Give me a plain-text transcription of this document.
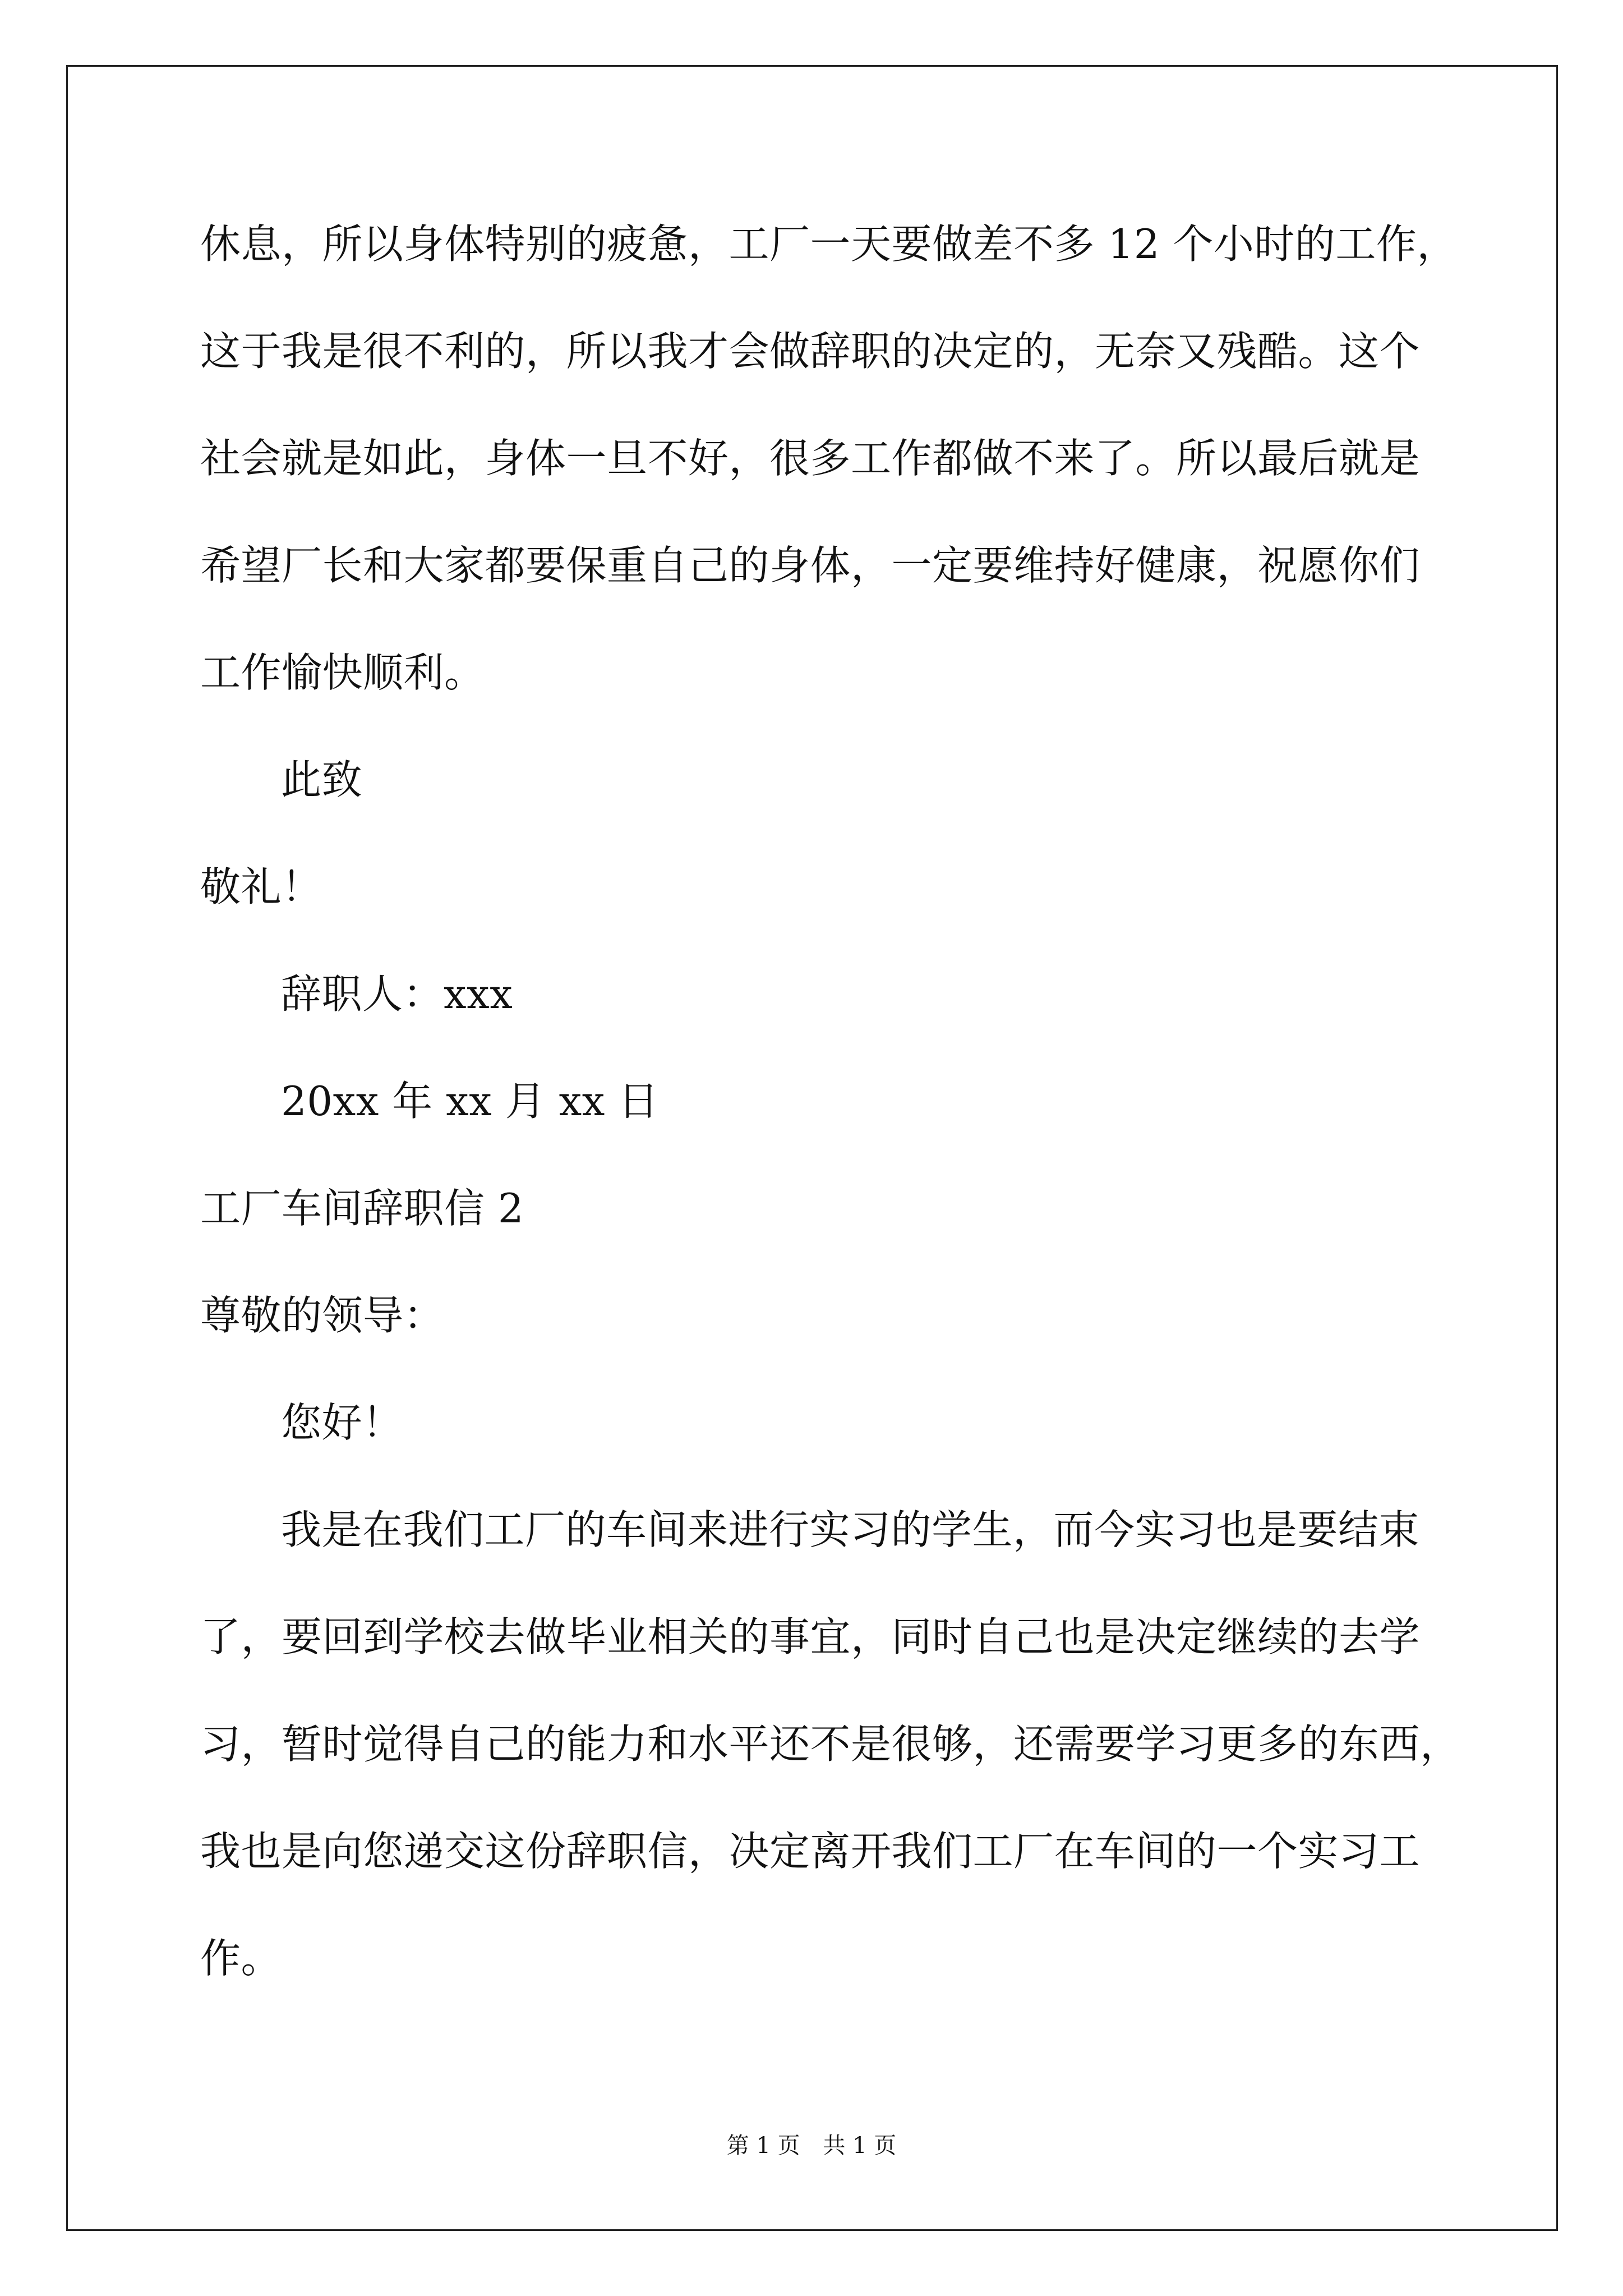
休息，所以身体特别的疲惫，工厂一天要做差不多 12 个小时的工作，
这于我是很不利的，所以我才会做辞职的决定的，无奈又残酷。这个
社会就是如此，身体一旦不好，很多工作都做不来了。所以最后就是
希望厂长和大家都要保重自己的身体，一定要维持好健康，祝愿你们
工作愉快顺利。
此致
敬礼！
辞职人：xxx
20xx 年 xx 月 xx 日
工厂车间辞职信 2
尊敬的领导：
您好！
我是在我们工厂的车间来进行实习的学生，而今实习也是要结束
了，要回到学校去做毕业相关的事宜，同时自己也是决定继续的去学
习，暂时觉得自己的能力和水平还不是很够，还需要学习更多的东西，
我也是向您递交这份辞职信，决定离开我们工厂在车间的一个实习工
作。
第 1 页 共 1 页
